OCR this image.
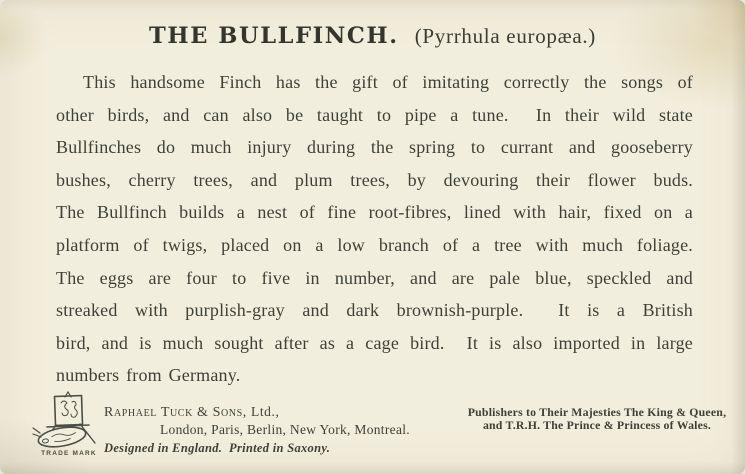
THE BULLFINCH. (Pyrrhula europæa.)
This handsome Finch has the gift of imitating correctly the songs of
other birds, and can also be taught to pipe a tune.  In their wild state
Bullfinches do much injury during the spring to currant and gooseberry
bushes, cherry trees, and plum trees, by devouring their flower buds.
The Bullfinch builds a nest of fine root-fibres, lined with hair, fixed on a
platform of twigs, placed on a low branch of a tree with much foliage.
The eggs are four to five in number, and are pale blue, speckled and
streaked with purplish-gray and dark brownish-purple.  It is a British
bird, and is much sought after as a cage bird.  It is also imported in large
numbers from Germany.
TRADE MARK
Raphael Tuck & Sons, Ltd.,
London, Paris, Berlin, New York, Montreal.
Designed in England.  Printed in Saxony.
Publishers to Their Majesties The King & Queen,
and T.R.H. The Prince & Princess of Wales.
